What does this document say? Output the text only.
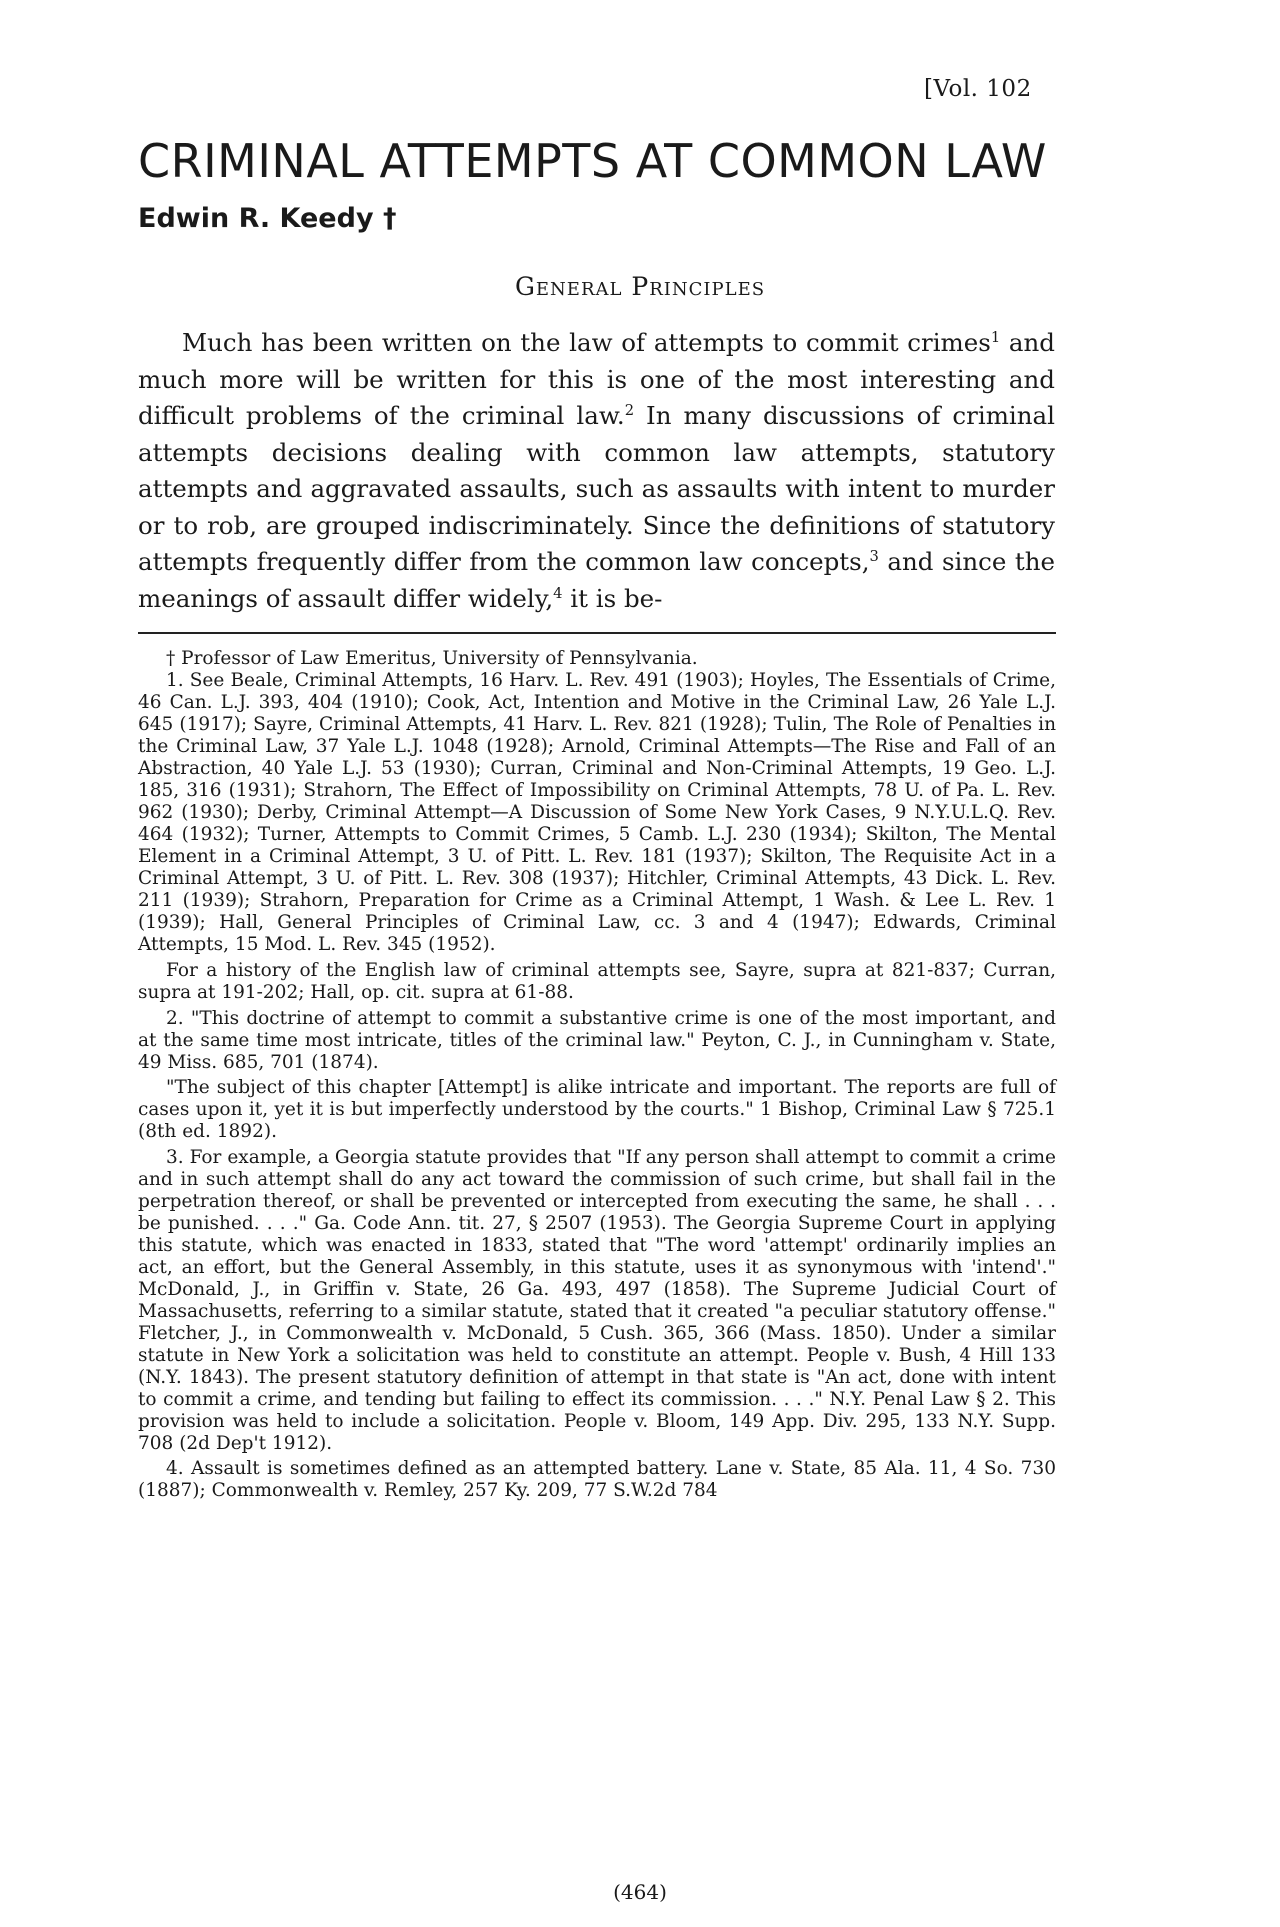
[Vol. 102
CRIMINAL ATTEMPTS AT COMMON LAW
Edwin R. Keedy †
General Principles

Much has been written on the law of attempts to commit crimes$^1$ and much more will be written for this is one of the most interesting and difficult problems of the criminal law.$^2$ In many discussions of criminal attempts decisions dealing with common law attempts, statutory attempts and aggravated assaults, such as assaults with intent to murder or to rob, are grouped indiscriminately. Since the definitions of statutory attempts frequently differ from the common law concepts,$^3$ and since the meanings of assault differ widely,$^4$ it is be-

† Professor of Law Emeritus, University of Pennsylvania.

1. See Beale, Criminal Attempts, 16 Harv. L. Rev. 491 (1903); Hoyles, The Essentials of Crime, 46 Can. L.J. 393, 404 (1910); Cook, Act, Intention and Motive in the Criminal Law, 26 Yale L.J. 645 (1917); Sayre, Criminal Attempts, 41 Harv. L. Rev. 821 (1928); Tulin, The Role of Penalties in the Criminal Law, 37 Yale L.J. 1048 (1928); Arnold, Criminal Attempts—The Rise and Fall of an Abstraction, 40 Yale L.J. 53 (1930); Curran, Criminal and Non-Criminal Attempts, 19 Geo. L.J. 185, 316 (1931); Strahorn, The Effect of Impossibility on Criminal Attempts, 78 U. of Pa. L. Rev. 962 (1930); Derby, Criminal Attempt—A Discussion of Some New York Cases, 9 N.Y.U.L.Q. Rev. 464 (1932); Turner, Attempts to Commit Crimes, 5 Camb. L.J. 230 (1934); Skilton, The Mental Element in a Criminal Attempt, 3 U. of Pitt. L. Rev. 181 (1937); Skilton, The Requisite Act in a Criminal Attempt, 3 U. of Pitt. L. Rev. 308 (1937); Hitchler, Criminal Attempts, 43 Dick. L. Rev. 211 (1939); Strahorn, Preparation for Crime as a Criminal Attempt, 1 Wash. & Lee L. Rev. 1 (1939); Hall, General Principles of Criminal Law, cc. 3 and 4 (1947); Edwards, Criminal Attempts, 15 Mod. L. Rev. 345 (1952).

For a history of the English law of criminal attempts see, Sayre, supra at 821-837; Curran, supra at 191-202; Hall, op. cit. supra at 61-88.

2. "This doctrine of attempt to commit a substantive crime is one of the most important, and at the same time most intricate, titles of the criminal law." Peyton, C. J., in Cunningham v. State, 49 Miss. 685, 701 (1874).

"The subject of this chapter [Attempt] is alike intricate and important. The reports are full of cases upon it, yet it is but imperfectly understood by the courts." 1 Bishop, Criminal Law § 725.1 (8th ed. 1892).

3. For example, a Georgia statute provides that "If any person shall attempt to commit a crime and in such attempt shall do any act toward the commission of such crime, but shall fail in the perpetration thereof, or shall be prevented or intercepted from executing the same, he shall . . . be punished. . . ." Ga. Code Ann. tit. 27, § 2507 (1953). The Georgia Supreme Court in applying this statute, which was enacted in 1833, stated that "The word 'attempt' ordinarily implies an act, an effort, but the General Assembly, in this statute, uses it as synonymous with 'intend'." McDonald, J., in Griffin v. State, 26 Ga. 493, 497 (1858). The Supreme Judicial Court of Massachusetts, referring to a similar statute, stated that it created "a peculiar statutory offense." Fletcher, J., in Commonwealth v. McDonald, 5 Cush. 365, 366 (Mass. 1850). Under a similar statute in New York a solicitation was held to constitute an attempt. People v. Bush, 4 Hill 133 (N.Y. 1843). The present statutory definition of attempt in that state is "An act, done with intent to commit a crime, and tending but failing to effect its commission. . . ." N.Y. Penal Law § 2. This provision was held to include a solicitation. People v. Bloom, 149 App. Div. 295, 133 N.Y. Supp. 708 (2d Dep't 1912).

4. Assault is sometimes defined as an attempted battery. Lane v. State, 85 Ala. 11, 4 So. 730 (1887); Commonwealth v. Remley, 257 Ky. 209, 77 S.W.2d 784

(464)
